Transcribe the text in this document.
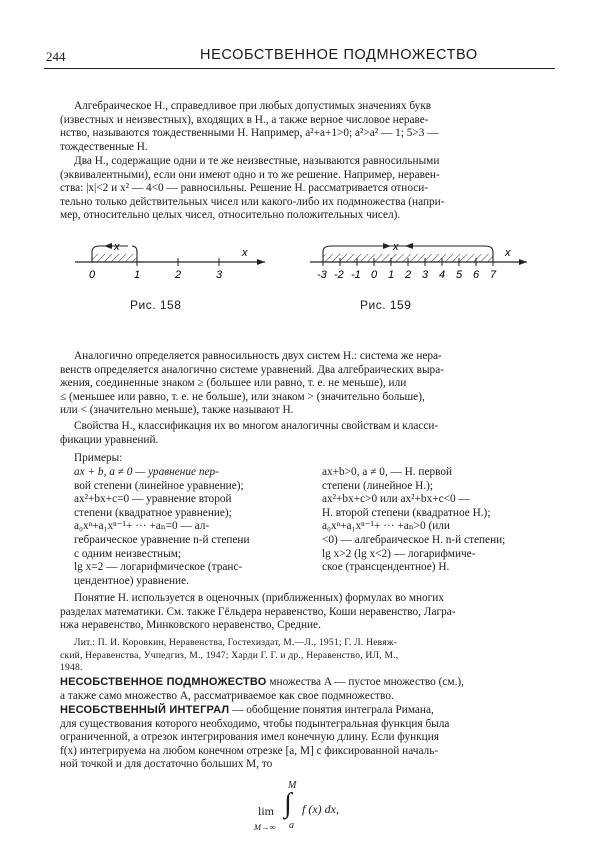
244	НЕСОБСТВЕННОЕ ПОДМНОЖЕСТВО
Алгебраическое Н., справедливое при любых допустимых значениях букв
(известных и неизвестных), входящих в Н., а также верное числовое нераве-
нство, называются тождественными Н. Например, a²+a+1>0; a²>a² — 1; 5>3 —
тождественные Н.
Два Н., содержащие одни и те же неизвестные, называются равносильными
(эквивалентными), если они имеют одно и то же решение. Например, неравен-
ства: |x|<2 и x² — 4<0 — равносильны. Решение Н. рассматривается относи-
тельно только действительных чисел или какого-либо их подмножества (напри-
мер, относительно целых чисел, относительно положительных чисел).
x	x
0	1	2	3
Рис. 158
x	x
-3 -2 -1 0 1 2 3 4 5 6 7
Рис. 159
Аналогично определяется равносильность двух систем Н.: система же нера-
венств определяется аналогично системе уравнений. Два алгебраических выра-
жения, соединенные знаком ≥ (большее или равно, т. е. не меньше), или
≤ (меньшее или равно, т. е. не больше), или знаком > (значительно больше),
или < (значительно меньше), также называют Н.
Свойства Н., классификация их во многом аналогичны свойствам и класси-
фикации уравнений.
Примеры:
ax + b, a ≠ 0 — уравнение пер-
вой степени (линейное уравнение);
ax²+bx+c=0 — уравнение второй
степени (квадратное уравнение);
a₀xⁿ+a₁xⁿ⁻¹+ ··· +aₙ=0 — ал-
гебраическое уравнение n-й степени
с одним неизвестным;
lg x=2 — логарифмическое (транс-
цендентное) уравнение.
ax+b>0, a ≠ 0, — Н. первой
степени (линейное Н.);
ax²+bx+c>0 или ax²+bx+c<0 —
Н. второй степени (квадратное Н.);
a₀xⁿ+a₁xⁿ⁻¹+ ··· +aₙ>0 (или
<0) — алгебраическое Н. n-й степени;
lg x>2 (lg x<2) — логарифмиче-
ское (трансцендентное) Н.
Понятие Н. используется в оценочных (приближенных) формулах во многих
разделах математики. См. также Гёльдера неравенство, Коши неравенство, Лагра-
нжа неравенство, Минковского неравенство, Средние.
Лит.: П. И. Коровкин, Неравенства, Гостехиздат, М.—Л., 1951; Г. Л. Невяж-
ский, Неравенства, Учпедгиз, М., 1947; Харди Г. Г. и др., Неравенство, ИЛ, М.,
1948.
НЕСОБСТВЕННОЕ ПОДМНОЖЕСТВО множества A — пустое множество (см.),
а также само множество A, рассматриваемое как свое подмножество.
НЕСОБСТВЕННЫЙ ИНТЕГРАЛ — обобщение понятия интеграла Римана,
для существования которого необходимо, чтобы подынтегральная функция была
ограниченной, а отрезок интегрирования имел конечную длину. Если функция
f(x) интегрируема на любом конечном отрезке [a, M] с фиксированной началь-
ной точкой и для достаточно больших M, то
lim
M→∞
M
∫
a
f (x) dx,
